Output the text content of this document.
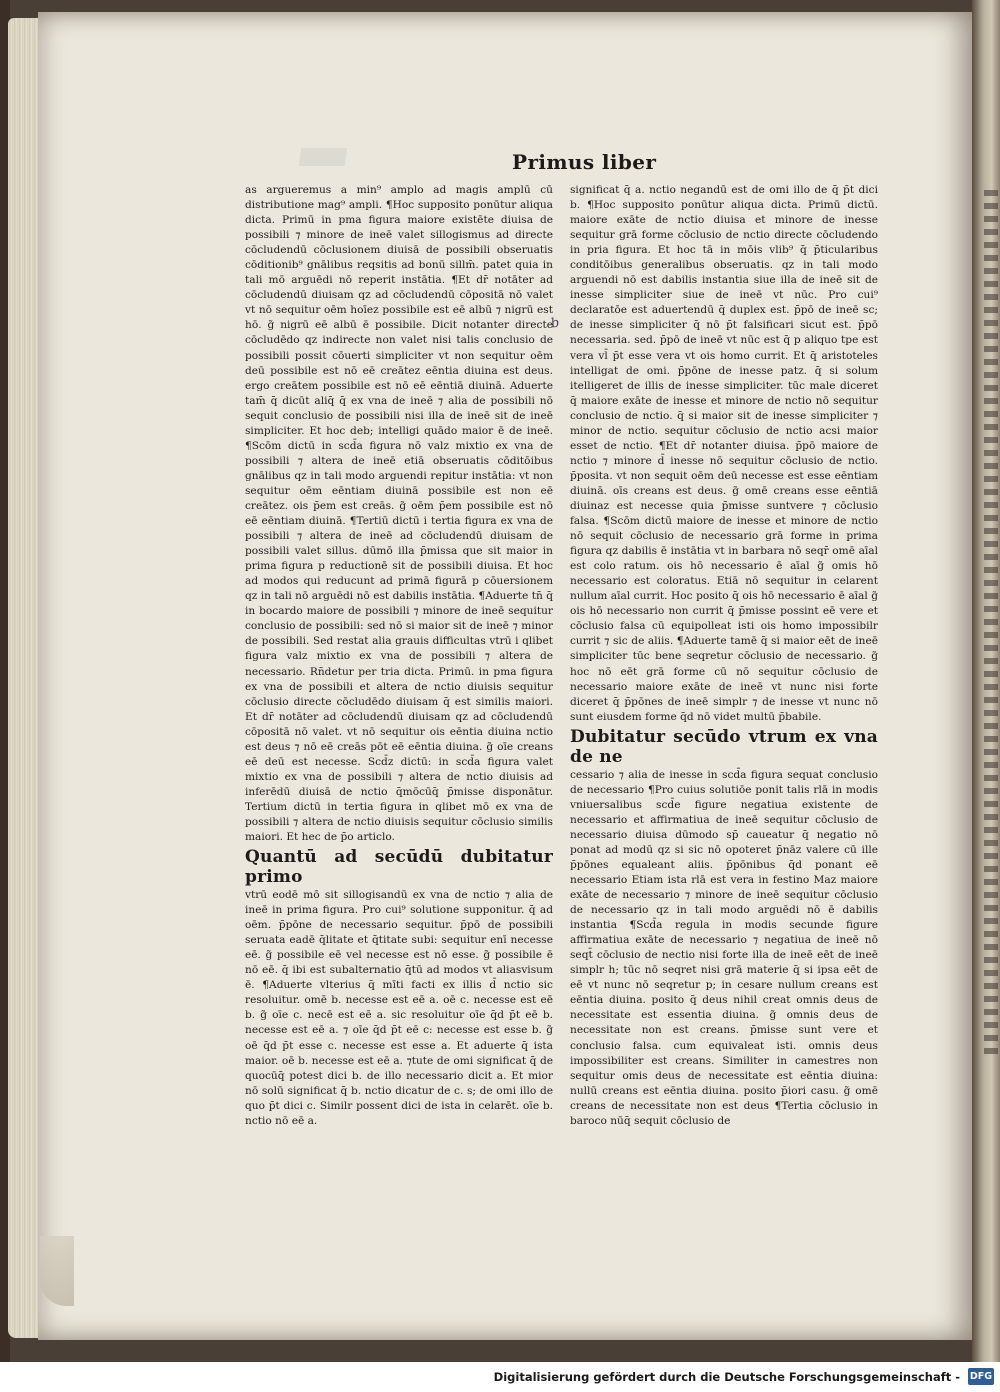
Primus liber
b

as argueremus a min⁹ amplo ad magis amplū cū distributione mag⁹ ampli. ¶Hoc supposito ponūtur aliqua dicta. Primū in pma figura maiore existēte diuisa de possibili ⁊ minore de ineē valet sillogismus ad directe cōcludendū cōclusionem diuisā de possibili obseruatis cōditionib⁹ gnālibus reqsitis ad bonū sillm̄. patet quia in tali mō arguēdi nō reperit instātia. ¶Et dr̄ notāter ad cōcludendū diuisam qz ad cōcludendū cōpositā nō valet vt nō sequitur oēm hoīez possibile est eē albū ⁊ nigrū est hō. g̃ nigrū eē albū ē possibile. Dicit notanter directe cōcludēdo qz indirecte non valet nisi talis conclusio de possibili possit cōuerti simpliciter vt non sequitur oēm deū possibile est nō eē creātez eēntia diuina est deus. ergo creātem possibile est nō eē eēntiā diuinā. Aduerte tam̄ q̄ dicūt aliq̄ q̄ ex vna de ineē ⁊ alia de possibili nō sequit conclusio de possibili nisi illa de ineē sit de ineē simpliciter. Et hoc deb; intelligi quādo maior ē de ineē. ¶Scōm dictū in scd̄a figura nō valz mixtio ex vna de possibili ⁊ altera de ineē etiā obseruatis cōditōibus gnālibus qz in tali modo arguendi repitur instātia: vt non sequitur oēm eēntiam diuinā possibile est non eē creātez. ois p̄em est creās. g̃ oēm p̄em possibile est nō eē eēntiam diuinā. ¶Tertiū dictū i tertia figura ex vna de possibili ⁊ altera de ineē ad cōcludendū diuisam de possibili valet sillus. dūmō illa p̄missa que sit maior in prima figura p reductionē sit de possibili diuisa. Et hoc ad modos qui reducunt ad primā figurā p cōuersionem qz in tali nō arguēdi nō est dabilis instātia. ¶Aduerte tn̄ q̄ in bocardo maiore de possibili ⁊ minore de ineē sequitur conclusio de possibili: sed nō si maior sit de ineē ⁊ minor de possibili. Sed restat alia grauis difficultas vtrū i qlibet figura valz mixtio ex vna de possibili ⁊ altera de necessario. Rn̄detur per tria dicta. Primū. in pma figura ex vna de possibili et altera de nctio diuisis sequitur cōclusio directe cōcludēdo diuisam q̄ est similis maiori. Et dr̄ notāter ad cōcludendū diuisam qz ad cōcludendū cōpositā nō valet. vt nō sequitur ois eēntia diuina nctio est deus ⁊ nō eē creās pōt eē eēntia diuina. g̃ oīe creans eē deū est necesse. Scd̄z dictū: in scd̄a figura valet mixtio ex vna de possibili ⁊ altera de nctio diuisis ad inferēdū diuisā de nctio q̄mōcūq̄ p̄misse disponātur. Tertium dictū in tertia figura in qlibet mō ex vna de possibili ⁊ altera de nctio diuisis sequitur cōclusio similis maiori. Et hec de p̄o articlo.

Quantū ad secūdū dubitatur primo

vtrū eodē mō sit sillogisandū ex vna de nctio ⁊ alia de ineē in prima figura. Pro cui⁹ solutione supponitur. q̄ ad oēm. p̄pōne de necessario sequitur. p̄pō de possibili seruata eadē q̄litate et q̄titate subi: sequitur enī necesse eē. g̃ possibile eē vel necesse est nō esse. g̃ possibile ē nō eē. q̄ ibi est subalternatio q̄tū ad modos vt aliasvisum ē. ¶Aduerte vlterius q̄ mīti facti ex illis d̄ nctio sic resoluitur. omē b. necesse est eē a. oē c. necesse est eē b. g̃ oīe c. necē est eē a. sic resoluitur oīe q̄d p̄t eē b. necesse est eē a. ⁊ oīe q̄d p̄t eē c: necesse est esse b. g̃ oē q̄d p̄t esse c. necesse est esse a. Et aduerte q̄ ista maior. oē b. necesse est eē a. ⁊tute de omi significat q̄ de quocūq̄ potest dici b. de illo necessario dicit a. Et mior nō solū significat q̄ b. nctio dicatur de c. s; de omi illo de quo p̄t dici c. Similr possent dici de ista in celarēt. oīe b. nctio nō eē a.

significat q̄ a. nctio negandū est de omi illo de q̄ p̄t dici b. ¶Hoc supposito ponūtur aliqua dicta. Primū dictū. maiore exāte de nctio diuisa et minore de inesse sequitur grā forme cōclusio de nctio directe cōcludendo in pria figura. Et hoc tā in mōis vlib⁹ q̄ p̄ticularibus conditōibus generalibus obseruatis. qz in tali modo arguendi nō est dabilis instantia siue illa de ineē sit de inesse simpliciter siue de ineē vt nūc. Pro cui⁹ declaratōe est aduertendū q̄ duplex est. p̄pō de ineē sc; de inesse simpliciter q̄ nō p̄t falsificari sicut est. p̄pō necessaria. sed. p̄pō de ineē vt nūc est q̄ p aliquo tpe est vera vl̄ p̄t esse vera vt ois homo currit. Et q̄ aristoteles intelligat de omi. p̄pōne de inesse patz. q̄ si solum itelligeret de illis de inesse simpliciter. tūc male diceret q̄ maiore exāte de inesse et minore de nctio nō sequitur conclusio de nctio. q̄ si maior sit de inesse simpliciter ⁊ minor de nctio. sequitur cōclusio de nctio acsi maior esset de nctio. ¶Et dr̄ notanter diuisa. p̄pō maiore de nctio ⁊ minore d̄ inesse nō sequitur cōclusio de nctio. p̄posita. vt non sequit oēm deū necesse est esse eēntiam diuinā. oīs creans est deus. g̃ omē creans esse eēntiā diuinaz est necesse quia p̄misse suntvere ⁊ cōclusio falsa. ¶Scōm dictū maiore de inesse et minore de nctio nō sequit cōclusio de necessario grā forme in prima figura qz dabilis ē instātia vt in barbara nō seqr̄ omē aīal est colo ratum. ois hō necessario ē aīal g̃ omis hō necessario est coloratus. Etiā nō sequitur in celarent nullum aīal currit. Hoc posito q̄ ois hō necessario ē aīal g̃ ois hō necessario non currit q̄ p̄misse possint eē vere et cōclusio falsa cū equipolleat isti ois homo impossibilr currit ⁊ sic de aliis. ¶Aduerte tamē q̄ si maior eēt de ineē simpliciter tūc bene seqretur cōclusio de necessario. g̃ hoc nō eēt grā forme cū nō sequitur cōclusio de necessario maiore exāte de ineē vt nunc nisi forte diceret q̄ p̄pōnes de ineē simplr ⁊ de inesse vt nunc nō sunt eiusdem forme q̄d nō videt multū p̄babile.

Dubitatur secūdo vtrum ex vna de ne

cessario ⁊ alia de inesse in scd̄a figura sequat conclusio de necessario ¶Pro cuius solutiōe ponit talis rlā in modis vniuersalibus scd̄e figure negatiua existente de necessario et affirmatiua de ineē sequitur cōclusio de necessario diuisa dūmodo sp̄ caueatur q̄ negatio nō ponat ad modū qz si sic nō opoteret p̄nāz valere cū ille p̄pōnes equaleant aliis. p̄pōnibus q̄d ponant eē necessario Etiam ista rlā est vera in festino Maz maiore exāte de necessario ⁊ minore de ineē sequitur cōclusio de necessario qz in tali modo arguēdi nō ē dabilis instantia ¶Scd̄a regula in modis secunde figure affirmatiua exāte de necessario ⁊ negatiua de ineē nō seqt̄ cōclusio de nectio nisi forte illa de ineē eēt de ineē simplr h; tūc nō seqret nisi grā materie q̄ si ipsa eēt de eē vt nunc nō seqretur p; in cesare nullum creans est eēntia diuina. posito q̄ deus nihil creat omnis deus de necessitate est essentia diuina. g̃ omnis deus de necessitate non est creans. p̄misse sunt vere et conclusio falsa. cum equivaleat isti. omnis deus impossibiliter est creans. Similiter in camestres non sequitur omis deus de necessitate est eēntia diuina: nullū creans est eēntia diuina. posito p̄iori casu. g̃ omē creans de necessitate non est deus ¶Tertia cōclusio in baroco nūq̄ sequit cōclusio de

Digitalisierung gefördert durch die Deutsche Forschungsgemeinschaft - DFG
